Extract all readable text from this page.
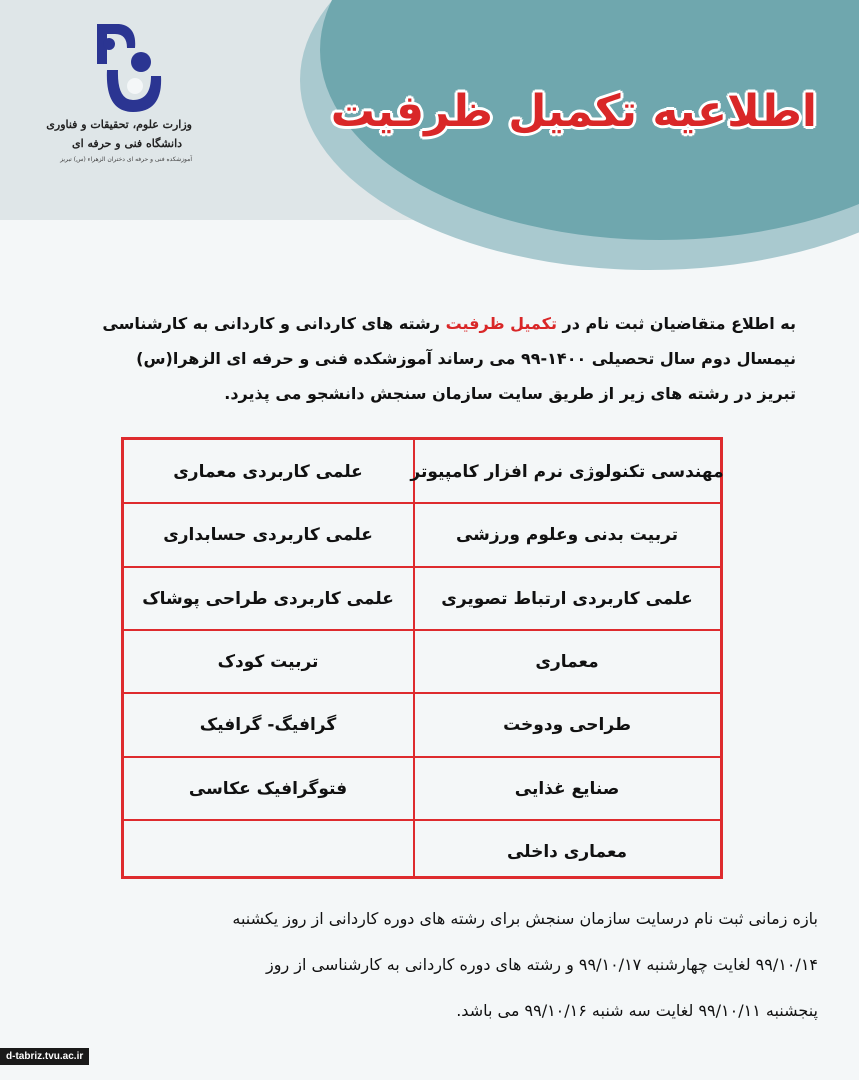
وزارت علوم، تحقیقات و فناوری
دانشگاه فنی و حرفه ای
آموزشکده فنی و حرفه ای دختران الزهراء (س) تبریز
اطلاعیه تکمیل ظرفیت
به اطلاع متقاضیان ثبت نام در تکمیل ظرفیت رشته های کاردانی و کاردانی به کارشناسی
نیمسال دوم سال تحصیلی ۱۴۰۰-۹۹ می رساند آموزشکده فنی و حرفه ای الزهرا(س)
تبریز در رشته های زیر از طریق سایت سازمان سنجش دانشجو می پذیرد.
مهندسی تکنولوژی نرم افزار کامپیوتر
تربیت بدنی وعلوم ورزشی
علمی کاربردی ارتباط تصویری
معماری
طراحی ودوخت
صنایع غذایی
معماری داخلی
علمی کاربردی معماری
علمی کاربردی حسابداری
علمی کاربردی طراحی پوشاک
تربیت کودک
گرافیگ- گرافیک
فتوگرافیک عکاسی
بازه زمانی ثبت نام درسایت سازمان سنجش برای رشته های دوره کاردانی از روز یکشنبه
۹۹/۱۰/۱۴ لغایت چهارشنبه ۹۹/۱۰/۱۷ و رشته های دوره کاردانی به کارشناسی از روز
پنجشنبه ۹۹/۱۰/۱۱ لغایت سه شنبه ۹۹/۱۰/۱۶ می باشد.
d-tabriz.tvu.ac.ir
